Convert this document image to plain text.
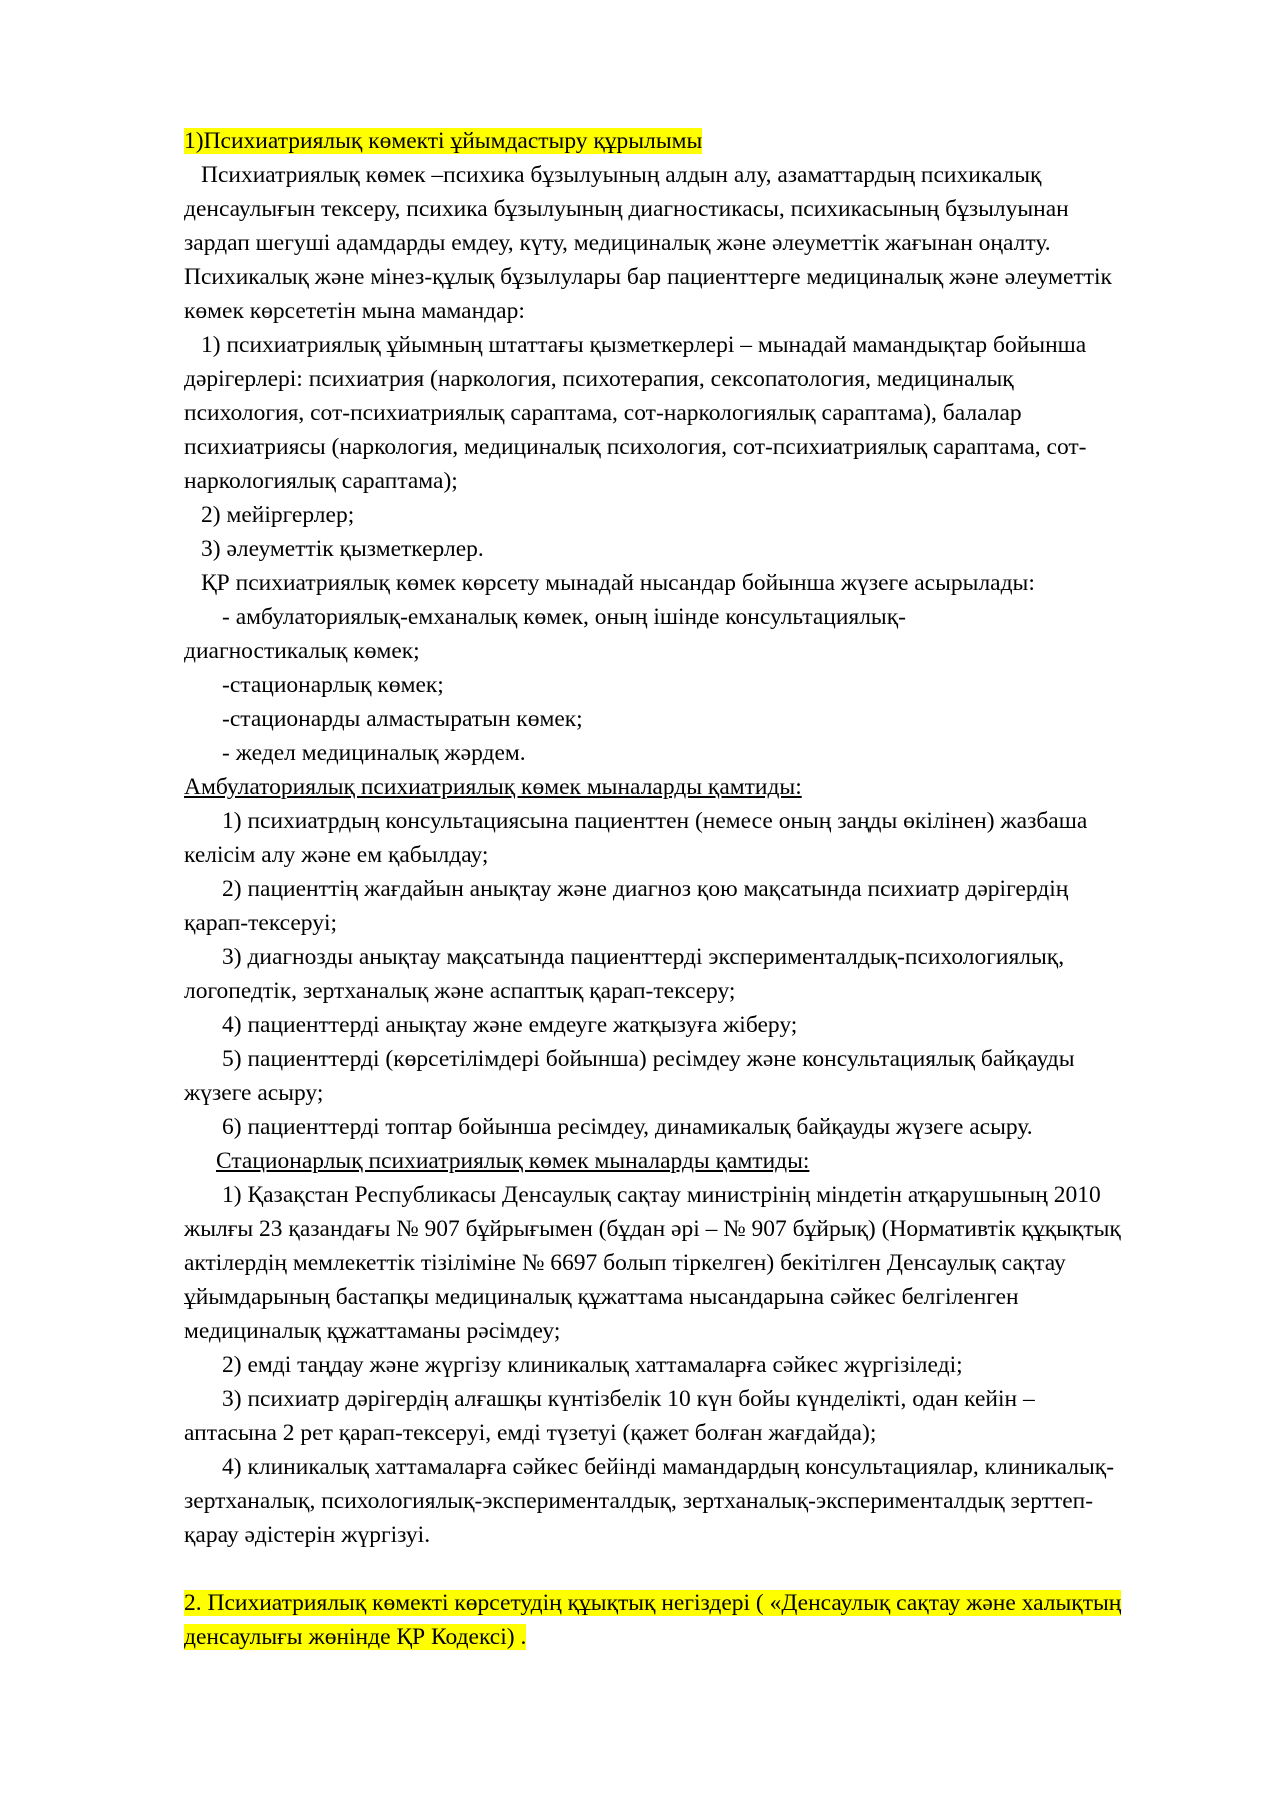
1)Психиатриялық көмекті ұйымдастыру құрылымы
Психиатриялық көмек –психика бұзылуының алдын алу, азаматтардың психикалық
денсаулығын тексеру, психика бұзылуының диагностикасы, психикасының бұзылуынан
зардап шегуші адамдарды емдеу, күту, медициналық және әлеуметтік жағынан оңалту.
Психикалық және мінез-құлық бұзылулары бар пациенттерге медициналық және әлеуметтік
көмек көрсететін мына мамандар:
1) психиатриялық ұйымның штаттағы қызметкерлері – мынадай мамандықтар бойынша
дәрігерлері: психиатрия (наркология, психотерапия, сексопатология, медициналық
психология, сот-психиатриялық сараптама, сот-наркологиялық сараптама), балалар
психиатриясы (наркология, медициналық психология, сот-психиатриялық сараптама, сот-
наркологиялық сараптама);
2) мейіргерлер;
3) әлеуметтік қызметкерлер.
ҚР психиатриялық көмек көрсету мынадай нысандар бойынша жүзеге асырылады:
- амбулаториялық-емханалық көмек, оның ішінде консультациялық-
диагностикалық көмек;
-стационарлық көмек;
-стационарды алмастыратын көмек;
- жедел медициналық жәрдем.
Амбулаториялық психиатриялық көмек мыналарды қамтиды:
1) психиатрдың консультациясына пациенттен (немесе оның заңды өкілінен) жазбаша
келісім алу және ем қабылдау;
2) пациенттің жағдайын анықтау және диагноз қою мақсатында психиатр дәрігердің
қарап-тексеруі;
3) диагнозды анықтау мақсатында пациенттерді эксперименталдық-психологиялық,
логопедтік, зертханалық және аспаптық қарап-тексеру;
4) пациенттерді анықтау және емдеуге жатқызуға жіберу;
5) пациенттерді (көрсетілімдері бойынша) ресімдеу және консультациялық байқауды
жүзеге асыру;
6) пациенттерді топтар бойынша ресімдеу, динамикалық байқауды жүзеге асыру.
Стационарлық психиатриялық көмек мыналарды қамтиды:
1) Қазақстан Республикасы Денсаулық сақтау министрінің міндетін атқарушының 2010
жылғы 23 қазандағы № 907 бұйрығымен (бұдан әрі – № 907 бұйрық) (Нормативтік құқықтық
актілердің мемлекеттік тізіліміне № 6697 болып тіркелген) бекітілген Денсаулық сақтау
ұйымдарының бастапқы медициналық құжаттама нысандарына сәйкес белгіленген
медициналық құжаттаманы рәсімдеу;
2) емді таңдау және жүргізу клиникалық хаттамаларға сәйкес жүргізіледі;
3) психиатр дәрігердің алғашқы күнтізбелік 10 күн бойы күнделікті, одан кейін –
аптасына 2 рет қарап-тексеруі, емді түзетуі (қажет болған жағдайда);
4) клиникалық хаттамаларға сәйкес бейінді мамандардың консультациялар, клиникалық-
зертханалық, психологиялық-эксперименталдық, зертханалық-эксперименталдық зерттеп-
қарау әдістерін жүргізуі.
2. Психиатриялық көмекті көрсетудің құықтық негіздері ( «Денсаулық сақтау және халықтың
денсаулығы жөнінде ҚР Кодексі) .
